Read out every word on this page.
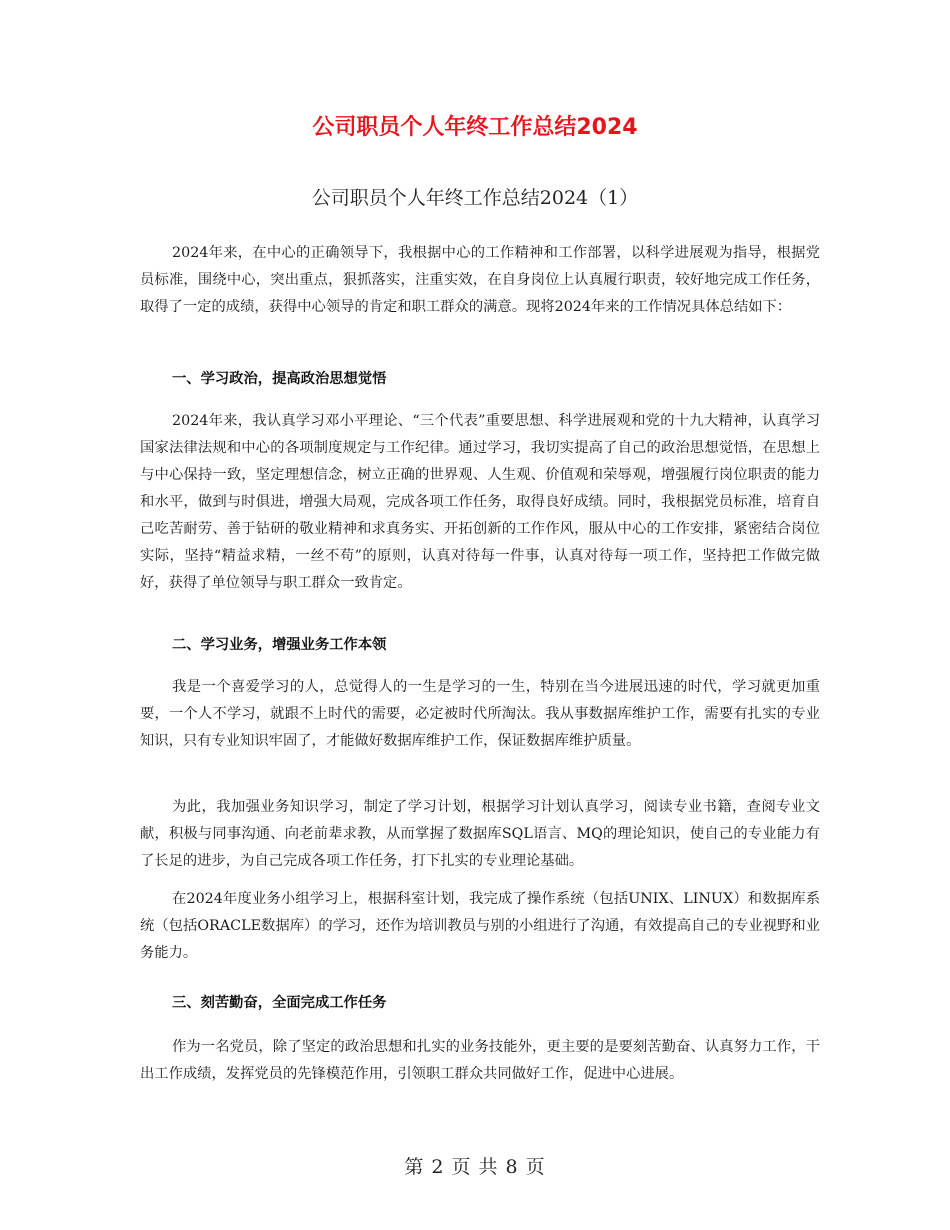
公司职员个人年终工作总结2024
公司职员个人年终工作总结2024（1）
2024年来，在中心的正确领导下，我根据中心的工作精神和工作部署，以科学进展观为指导，根据党员标准，围绕中心，突出重点，狠抓落实，注重实效，在自身岗位上认真履行职责，较好地完成工作任务，取得了一定的成绩，获得中心领导的肯定和职工群众的满意。现将2024年来的工作情况具体总结如下：
一、学习政治，提高政治思想觉悟
2024年来，我认真学习邓小平理论、“三个代表”重要思想、科学进展观和党的十九大精神，认真学习国家法律法规和中心的各项制度规定与工作纪律。通过学习，我切实提高了自己的政治思想觉悟，在思想上与中心保持一致，坚定理想信念，树立正确的世界观、人生观、价值观和荣辱观，增强履行岗位职责的能力和水平，做到与时俱进，增强大局观，完成各项工作任务，取得良好成绩。同时，我根据党员标准，培育自己吃苦耐劳、善于钻研的敬业精神和求真务实、开拓创新的工作作风，服从中心的工作安排，紧密结合岗位实际，坚持“精益求精，一丝不苟”的原则，认真对待每一件事，认真对待每一项工作，坚持把工作做完做好，获得了单位领导与职工群众一致肯定。
二、学习业务，增强业务工作本领
我是一个喜爱学习的人，总觉得人的一生是学习的一生，特别在当今进展迅速的时代，学习就更加重要，一个人不学习，就跟不上时代的需要，必定被时代所淘汰。我从事数据库维护工作，需要有扎实的专业知识，只有专业知识牢固了，才能做好数据库维护工作，保证数据库维护质量。
为此，我加强业务知识学习，制定了学习计划，根据学习计划认真学习，阅读专业书籍，查阅专业文献，积极与同事沟通、向老前辈求教，从而掌握了数据库SQL语言、MQ的理论知识，使自己的专业能力有了长足的进步，为自己完成各项工作任务，打下扎实的专业理论基础。
在2024年度业务小组学习上，根据科室计划，我完成了操作系统（包括UNIX、LINUX）和数据库系统（包括ORACLE数据库）的学习，还作为培训教员与别的小组进行了沟通，有效提高自己的专业视野和业务能力。
三、刻苦勤奋，全面完成工作任务
作为一名党员，除了坚定的政治思想和扎实的业务技能外，更主要的是要刻苦勤奋、认真努力工作，干出工作成绩，发挥党员的先锋模范作用，引领职工群众共同做好工作，促进中心进展。
第 2 页 共 8 页
